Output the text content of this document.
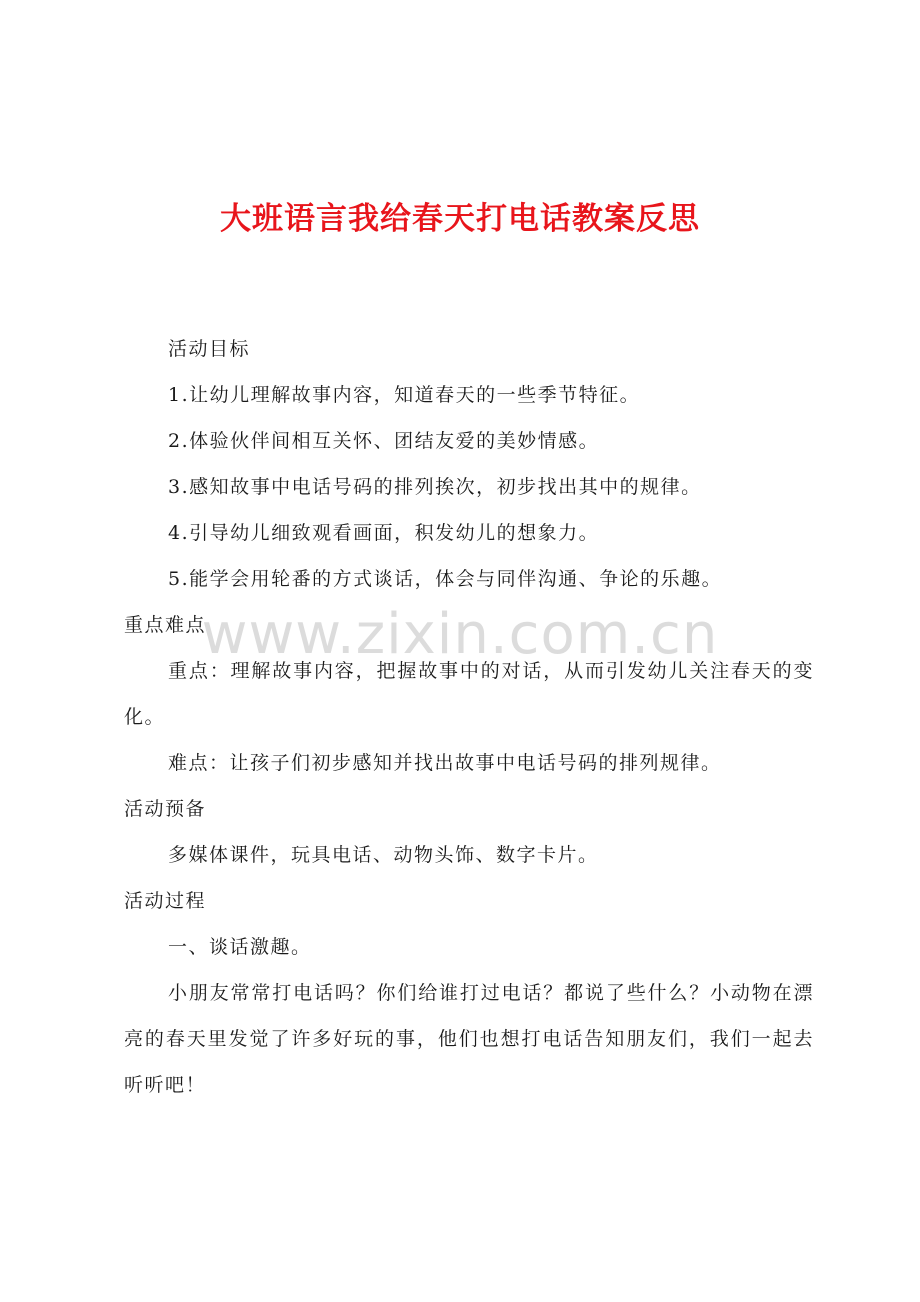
www.zixin.com.cn
大班语言我给春天打电话教案反思

活动目标

1.让幼儿理解故事内容，知道春天的一些季节特征。

2.体验伙伴间相互关怀、团结友爱的美妙情感。

3.感知故事中电话号码的排列挨次，初步找出其中的规律。

4.引导幼儿细致观看画面，积发幼儿的想象力。

5.能学会用轮番的方式谈话，体会与同伴沟通、争论的乐趣。

重点难点

重点：理解故事内容，把握故事中的对话，从而引发幼儿关注春天的变化。

难点：让孩子们初步感知并找出故事中电话号码的排列规律。

活动预备

多媒体课件，玩具电话、动物头饰、数字卡片。

活动过程

一、谈话激趣。

小朋友常常打电话吗？你们给谁打过电话？都说了些什么？小动物在漂亮的春天里发觉了许多好玩的事，他们也想打电话告知朋友们，我们一起去听听吧！
